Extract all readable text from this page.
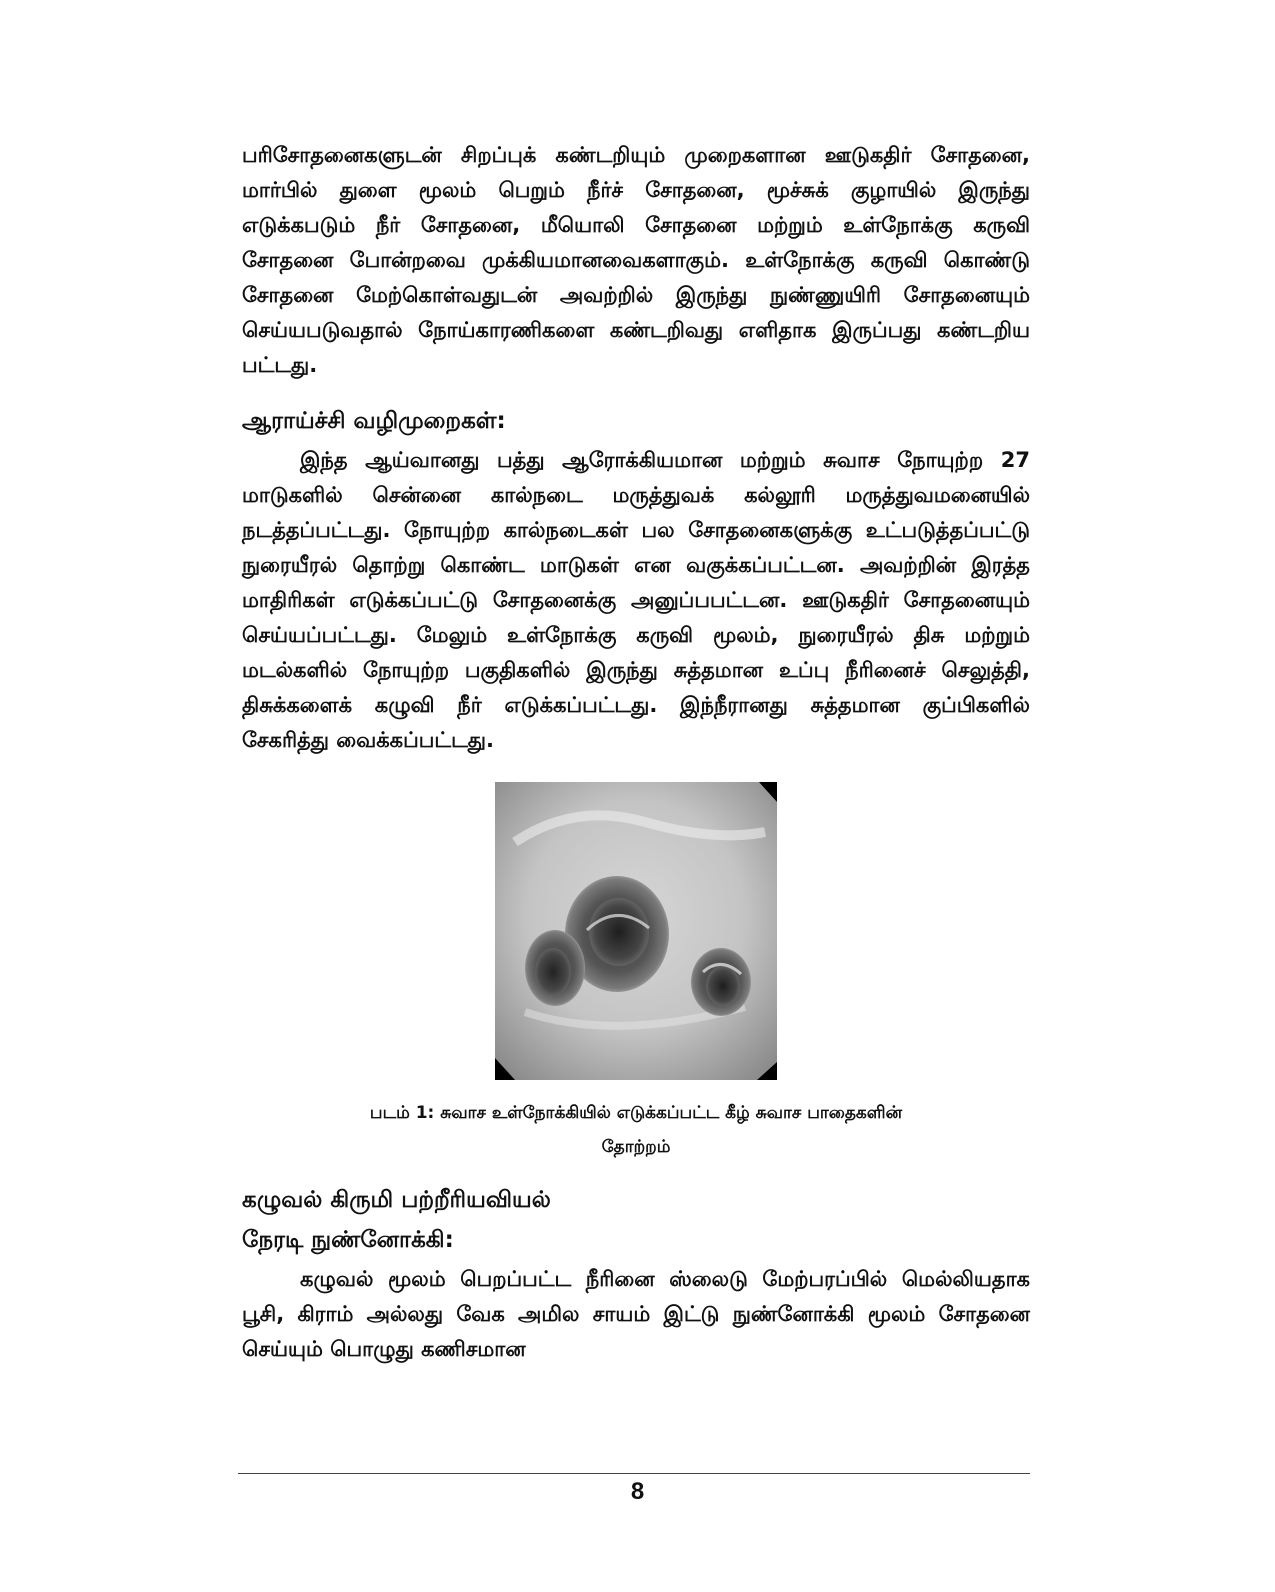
பரிசோதனைகளுடன் சிறப்புக் கண்டறியும் முறைகளான ஊடுகதிர் சோதனை, மார்பில் துளை மூலம் பெறும் நீர்ச் சோதனை, மூச்சுக் குழாயில் இருந்து எடுக்கபடும் நீர் சோதனை, மீயொலி சோதனை மற்றும் உள்நோக்கு கருவி சோதனை போன்றவை முக்கியமானவைகளாகும். உள்நோக்கு கருவி கொண்டு சோதனை மேற்கொள்வதுடன் அவற்றில் இருந்து நுண்ணுயிரி சோதனையும் செய்யபடுவதால் நோய்காரணிகளை கண்டறிவது எளிதாக இருப்பது கண்டறிய பட்டது.

ஆராய்ச்சி வழிமுறைகள்:

இந்த ஆய்வானது பத்து ஆரோக்கியமான மற்றும் சுவாச நோயுற்ற 27 மாடுகளில் சென்னை கால்நடை மருத்துவக் கல்லூரி மருத்துவமனையில் நடத்தப்பட்டது. நோயுற்ற கால்நடைகள் பல சோதனைகளுக்கு உட்படுத்தப்பட்டு நுரையீரல் தொற்று கொண்ட மாடுகள் என வகுக்கப்பட்டன. அவற்றின் இரத்த மாதிரிகள் எடுக்கப்பட்டு சோதனைக்கு அனுப்பபட்டன. ஊடுகதிர் சோதனையும் செய்யப்பட்டது. மேலும் உள்நோக்கு கருவி மூலம், நுரையீரல் திசு மற்றும் மடல்களில் நோயுற்ற பகுதிகளில் இருந்து சுத்தமான உப்பு நீரினைச் செலுத்தி, திசுக்களைக் கழுவி நீர் எடுக்கப்பட்டது. இந்நீரானது சுத்தமான குப்பிகளில் சேகரித்து வைக்கப்பட்டது.

படம் 1: சுவாச உள்நோக்கியில் எடுக்கப்பட்ட கீழ் சுவாச பாதைகளின்
தோற்றம்

கழுவல் கிருமி பற்றீரியவியல்
நேரடி நுண்னோக்கி:

கழுவல் மூலம் பெறப்பட்ட நீரினை ஸ்லைடு மேற்பரப்பில் மெல்லியதாக பூசி, கிராம் அல்லது வேக அமில சாயம் இட்டு நுண்னோக்கி மூலம் சோதனை செய்யும் பொழுது கணிசமான

8
